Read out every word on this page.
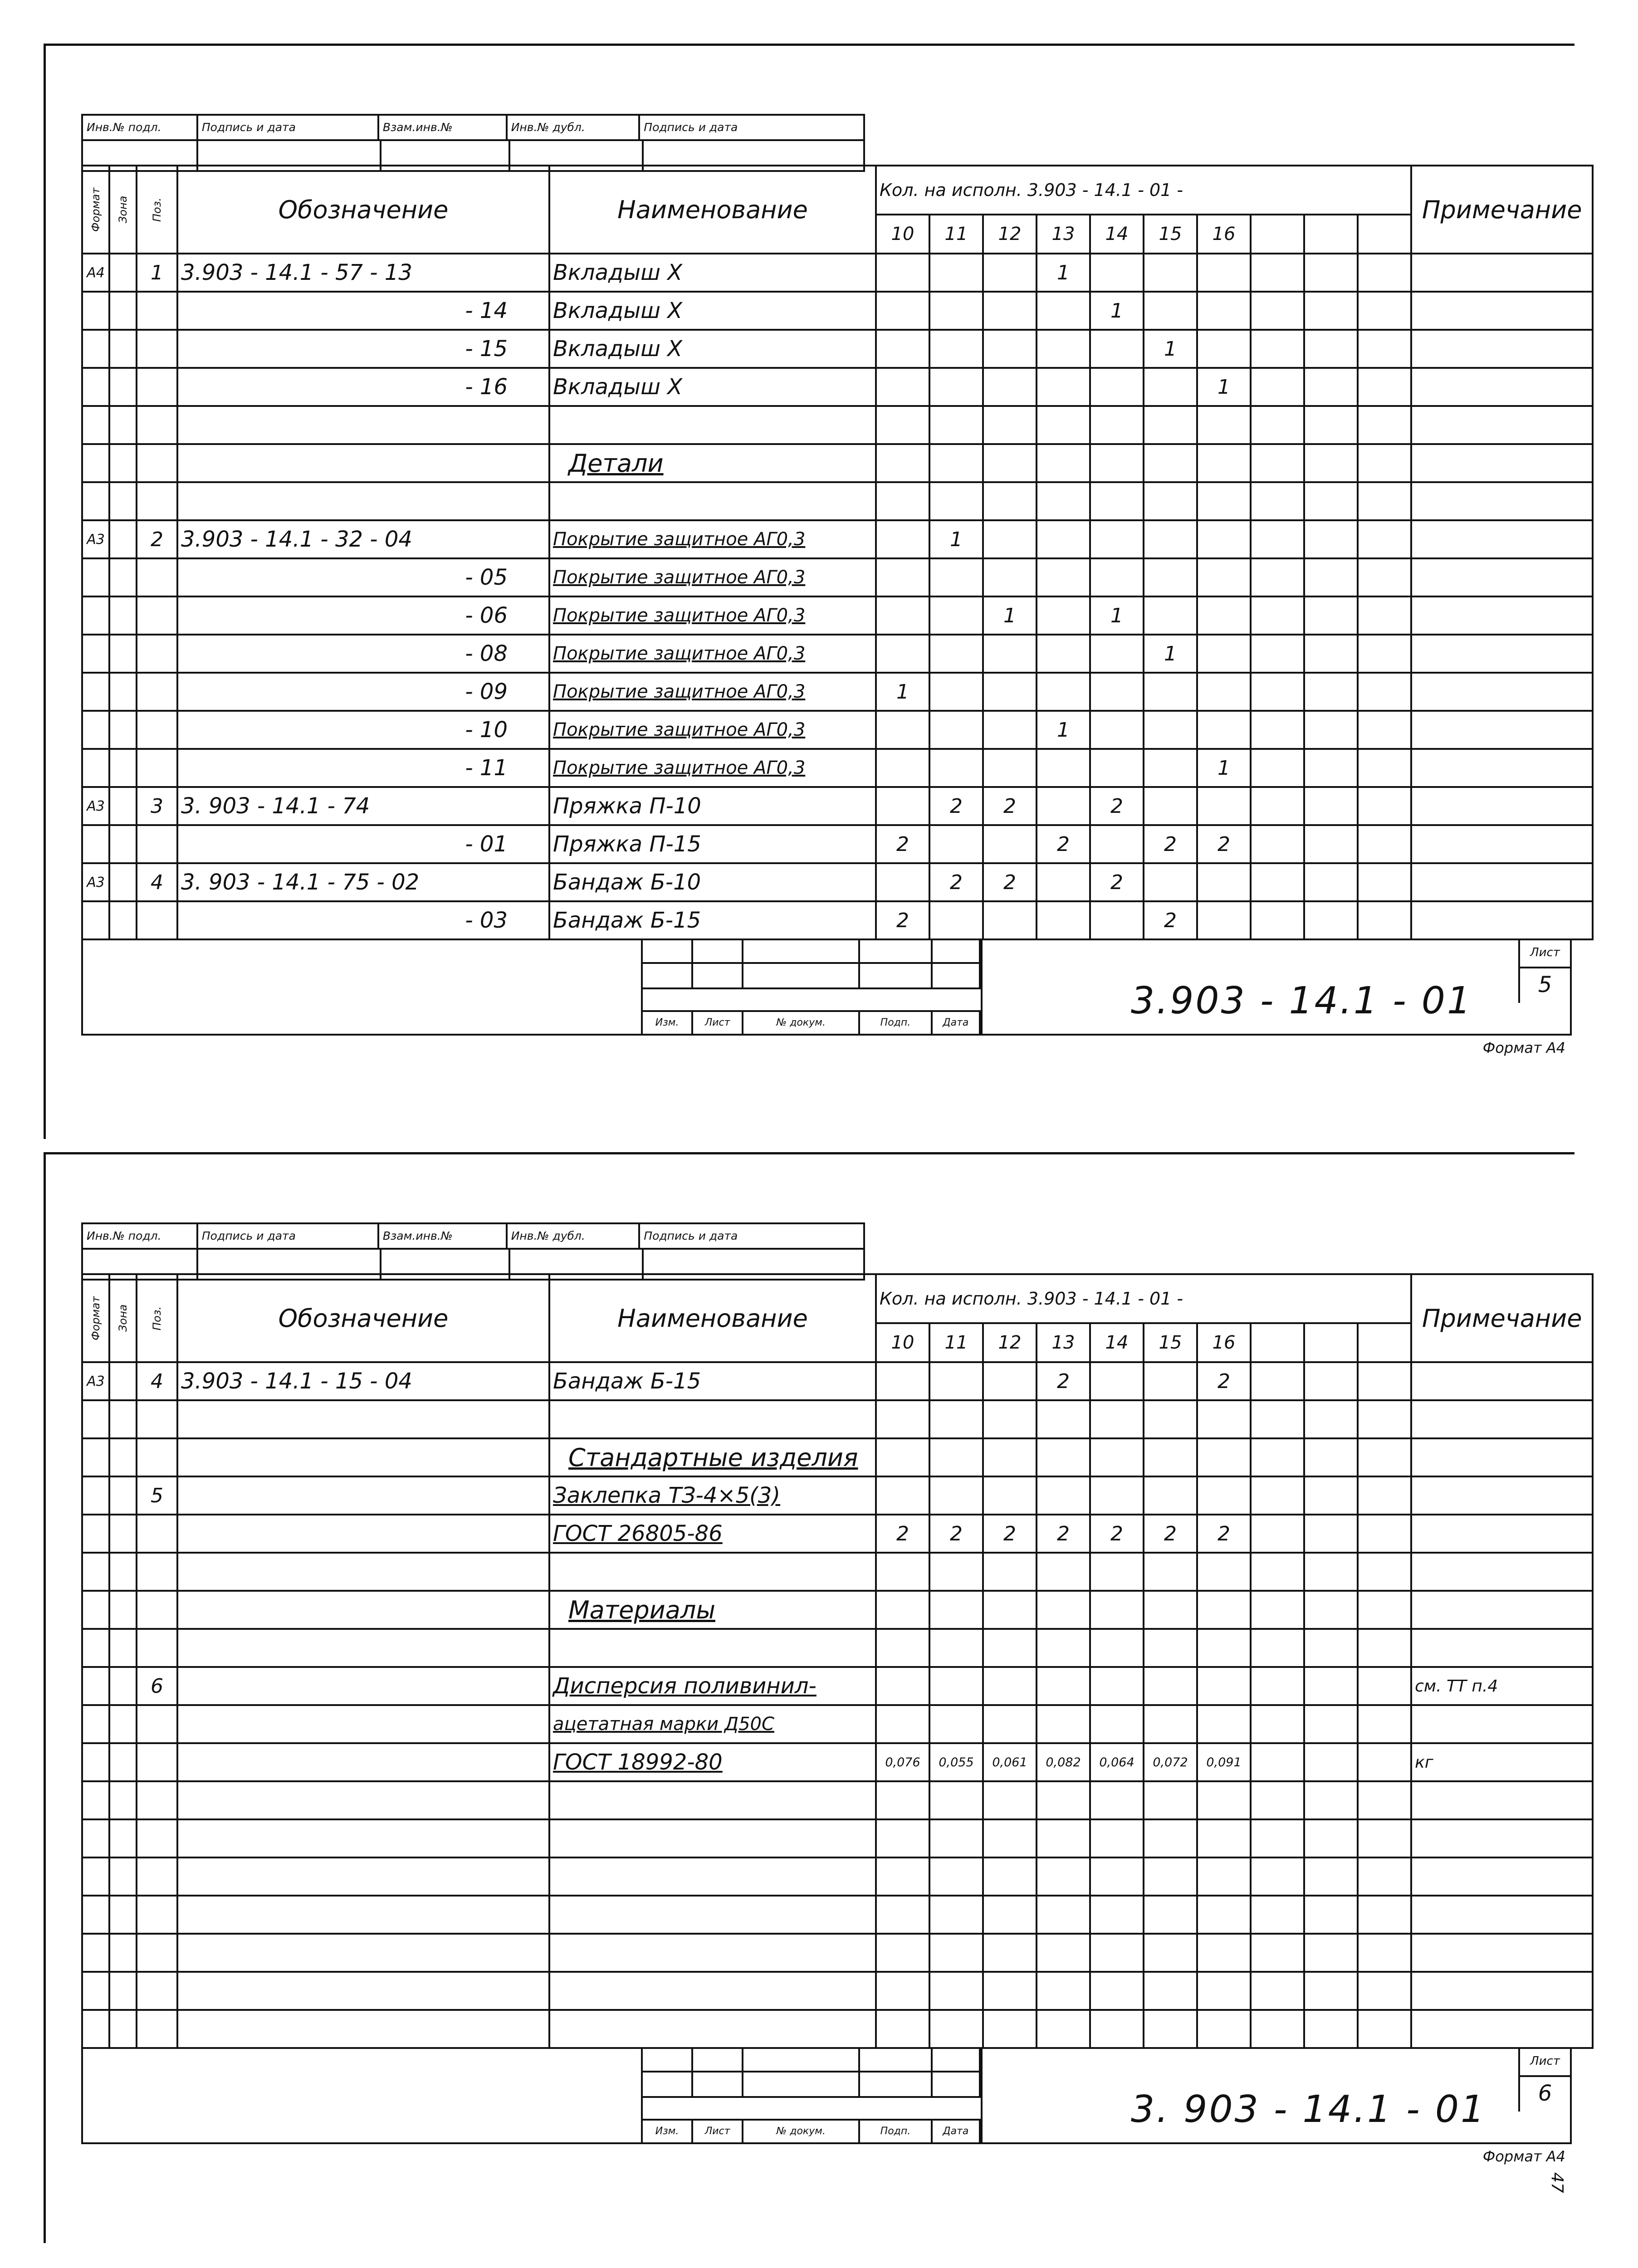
Инв.№ подл.	Подпись и дата	Взам.инв.№	Инв.№ дубл.	Подпись и дата
Формат	Зона	Поз.	Обозначение	Наименование	Кол. на исполн. 3.903 - 14.1 - 01 -										Примечание
					10	11	12	13	14	15	16				
А4		1	3.903 - 14.1 - 57 - 13	Вкладыш Х				1							
			- 14	Вкладыш Х					1						
			- 15	Вкладыш Х						1					
			- 16	Вкладыш Х							1				

				Детали											

А3		2	3.903 - 14.1 - 32 - 04	Покрытие защитное АГ0,3		1									
			- 05	Покрытие защитное АГ0,3											
			- 06	Покрытие защитное АГ0,3			1		1						
			- 08	Покрытие защитное АГ0,3						1					
			- 09	Покрытие защитное АГ0,3	1										
			- 10	Покрытие защитное АГ0,3				1							
			- 11	Покрытие защитное АГ0,3							1				
А3		3	3. 903 - 14.1 - 74	Пряжка П-10		2	2		2						
			- 01	Пряжка П-15	2			2		2	2				
А3		4	3. 903 - 14.1 - 75 - 02	Бандаж Б-10		2	2		2						
			- 03	Бандаж Б-15	2					2					
Изм.	Лист	№ докум.	Подп.	Дата
3.903 - 14.1 - 01
Лист
5
Формат А4
Инв.№ подл.	Подпись и дата	Взам.инв.№	Инв.№ дубл.	Подпись и дата
Формат	Зона	Поз.	Обозначение	Наименование	Кол. на исполн. 3.903 - 14.1 - 01 -										Примечание
					10	11	12	13	14	15	16				
А3		4	3.903 - 14.1 - 15 - 04	Бандаж Б-15				2			2				

				Стандартные изделия											
		5		Заклепка ТЗ-4×5(3)											
				ГОСТ 26805-86	2	2	2	2	2	2	2				

				Материалы											

		6		Дисперсия поливинил-											см. ТТ п.4
				ацетатная марки Д50С											
				ГОСТ 18992-80	0,076	0,055	0,061	0,082	0,064	0,072	0,091				кг

Изм.	Лист	№ докум.	Подп.	Дата
3. 903 - 14.1 - 01
Лист
6
Формат А4
47
